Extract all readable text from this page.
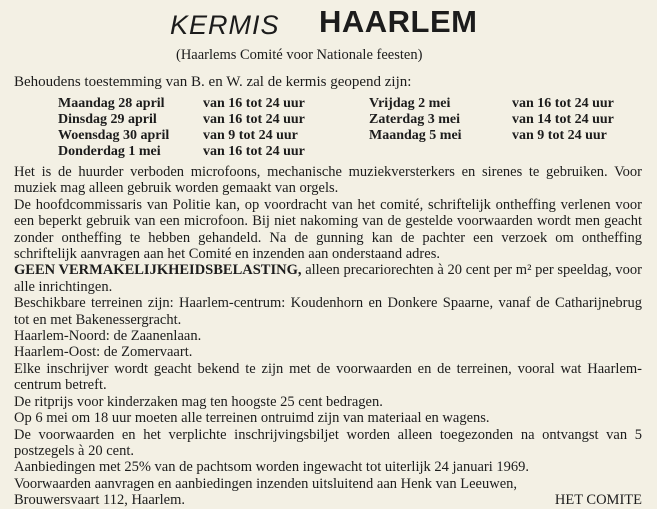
KERMIS HAARLEM
(Haarlems Comité voor Nationale feesten)
Behoudens toestemming van B. en W. zal de kermis geopend zijn:
Maandag 28 april	van 16 tot 24 uur
Dinsdag 29 april	van 16 tot 24 uur
Woensdag 30 april van 9 tot 24 uur
Donderdag 1 mei	van 16 tot 24 uur
Vrijdag 2 mei	van 16 tot 24 uur
Zaterdag 3 mei	van 14 tot 24 uur
Maandag 5 mei	van 9 tot 24 uur

Het is de huurder verboden microfoons, mechanische muziekversterkers en sirenes te gebruiken. Voor muziek mag alleen gebruik worden gemaakt van orgels.

De hoofdcommissaris van Politie kan, op voordracht van het comité, schriftelijk ontheffing verlenen voor een beperkt gebruik van een microfoon. Bij niet nakoming van de gestelde voorwaarden wordt men geacht zonder ontheffing te hebben gehandeld. Na de gunning kan de pachter een verzoek om ontheffing schriftelijk aanvragen aan het Comité en inzenden aan onderstaand adres.

GEEN VERMAKELIJKHEIDSBELASTING, alleen precariorechten à 20 cent per m² per speeldag, voor alle inrichtingen.

Beschikbare terreinen zijn: Haarlem-centrum: Koudenhorn en Donkere Spaarne, vanaf de Catharijnebrug tot en met Bakenessergracht.

Haarlem-Noord: de Zaanenlaan.

Haarlem-Oost: de Zomervaart.

Elke inschrijver wordt geacht bekend te zijn met de voorwaarden en de terreinen, vooral wat Haarlem-centrum betreft.

De ritprijs voor kinderzaken mag ten hoogste 25 cent bedragen.

Op 6 mei om 18 uur moeten alle terreinen ontruimd zijn van materiaal en wagens.

De voorwaarden en het verplichte inschrijvingsbiljet worden alleen toegezonden na ontvangst van 5 postzegels à 20 cent.

Aanbiedingen met 25% van de pachtsom worden ingewacht tot uiterlijk 24 januari 1969.

Voorwaarden aanvragen en aanbiedingen inzenden uitsluitend aan Henk van Leeuwen,

Brouwersvaart 112, Haarlem.	HET COMITE
